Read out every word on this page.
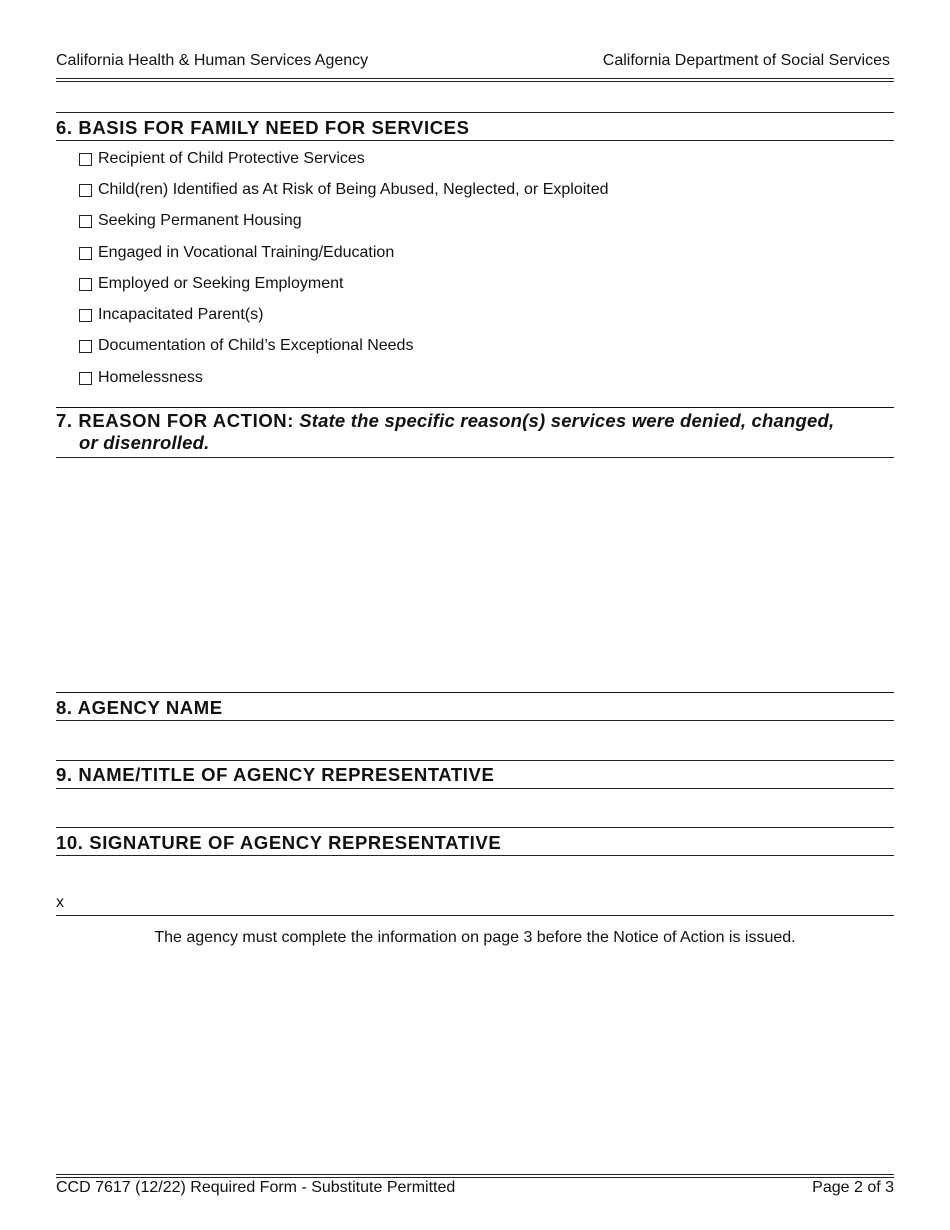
California Health & Human Services Agency	California Department of Social Services
6. BASIS FOR FAMILY NEED FOR SERVICES
Recipient of Child Protective Services
Child(ren) Identified as At Risk of Being Abused, Neglected, or Exploited
Seeking Permanent Housing
Engaged in Vocational Training/Education
Employed or Seeking Employment
Incapacitated Parent(s)
Documentation of Child’s Exceptional Needs
Homelessness
7. REASON FOR ACTION: State the specific reason(s) services were denied, changed,
or disenrolled.
8. AGENCY NAME
9. NAME/TITLE OF AGENCY REPRESENTATIVE
10. SIGNATURE OF AGENCY REPRESENTATIVE
x
The agency must complete the information on page 3 before the Notice of Action is issued.
CCD 7617 (12/22) Required Form - Substitute Permitted	Page 2 of 3
